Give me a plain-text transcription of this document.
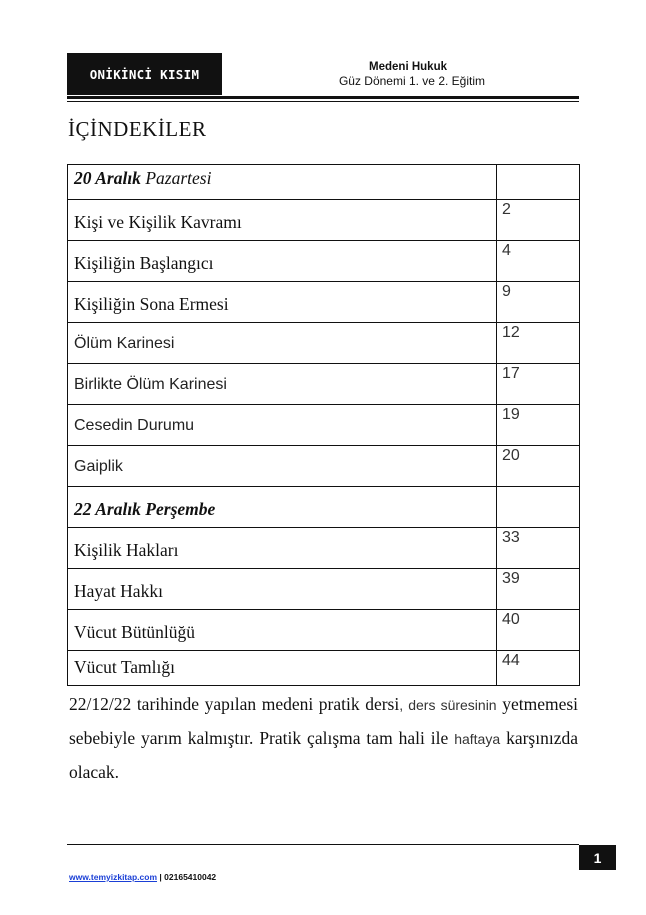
ONİKİNCİ KISIM	Medeni Hukuk
Güz Dönemi 1. ve 2. Eğitim
İÇİNDEKİLER
20 Aralık Pazartesi	

Kişi ve Kişilik Kavramı	2

Kişiliğin Başlangıcı	4

Kişiliğin Sona Ermesi	9

Ölüm Karinesi	12

Birlikte Ölüm Karinesi	17

Cesedin Durumu	19

Gaiplik	20

22 Aralık Perşembe	

Kişilik Hakları	33

Hayat Hakkı	39

Vücut Bütünlüğü	40

Vücut Tamlığı	44
22/12/22 tarihinde yapılan medeni pratik dersi, ders süresinin yetmemesi sebebiyle yarım kalmıştır. Pratik çalışma tam hali ile haftaya karşınızda olacak.
1
www.temyizkitap.com | 02165410042
